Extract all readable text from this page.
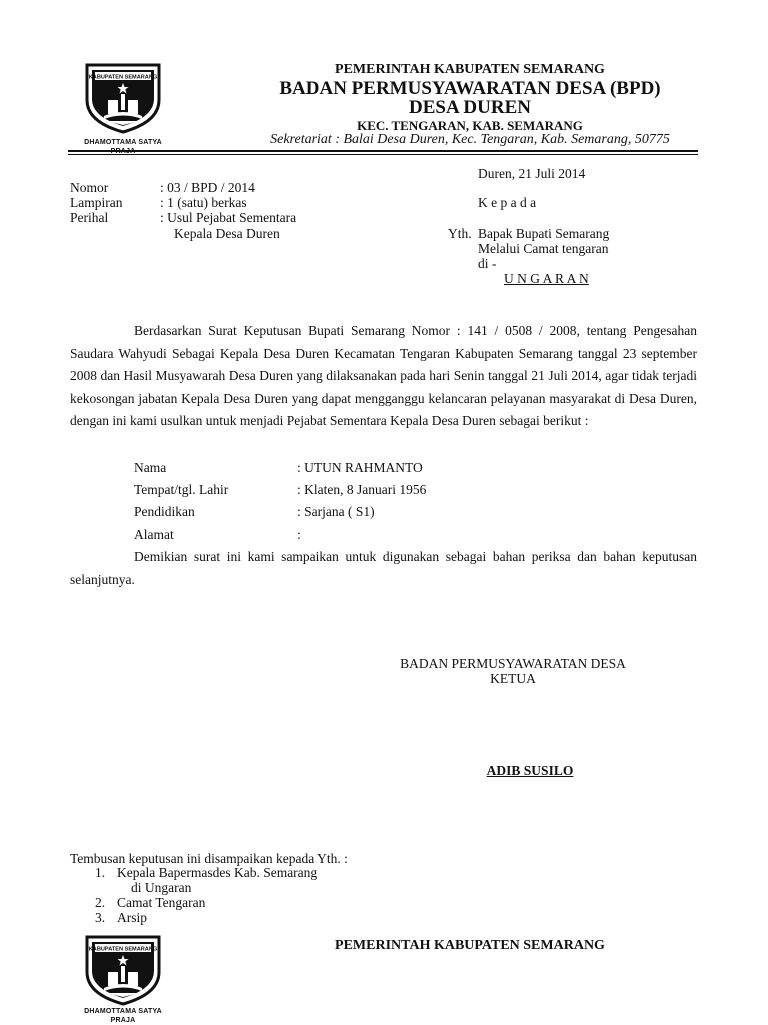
KABUPATEN SEMARANG
DHAMOTTAMA SATYA
PEMERINTAH KABUPATEN SEMARANG
BADAN PERMUSYAWARATAN DESA (BPD)
DESA DUREN
KEC. TENGARAN, KAB. SEMARANG
Sekretariat : Balai Desa Duren, Kec. Tengaran, Kab. Semarang, 50775
Duren, 21 Juli 2014
Nomor	: 03 / BPD / 2014
Lampiran	: 1 (satu) berkas
Perihal	: Usul Pejabat Sementara
Kepala Desa Duren
K e p a d a
Yth. Bapak Bupati Semarang
Melalui Camat tengaran
di -
U N G A R A N
Berdasarkan Surat Keputusan Bupati Semarang Nomor : 141 / 0508 / 2008, tentang Pengesahan Saudara Wahyudi Sebagai Kepala Desa Duren Kecamatan Tengaran Kabupaten Semarang tanggal 23 september 2008 dan Hasil Musyawarah Desa Duren yang dilaksanakan pada hari Senin tanggal 21 Juli 2014, agar tidak terjadi kekosongan jabatan Kepala Desa Duren yang dapat mengganggu kelancaran pelayanan masyarakat di Desa Duren, dengan ini kami usulkan untuk menjadi Pejabat Sementara Kepala Desa Duren sebagai berikut :
Nama	: UTUN RAHMANTO
Tempat/tgl. Lahir	: Klaten, 8 Januari 1956
Pendidikan	: Sarjana ( S1)
Alamat	:
Demikian surat ini kami sampaikan untuk digunakan sebagai bahan periksa dan bahan keputusan selanjutnya.
BADAN PERMUSYAWARATAN DESA
KETUA
ADIB SUSILO
Tembusan keputusan ini disampaikan kepada Yth. :
1. Kepala Bapermasdes Kab. Semarang
di Ungaran
2. Camat Tengaran
3. Arsip
KABUPATEN SEMARANG
DHAMOTTAMA SATYA
PRAJA
PEMERINTAH KABUPATEN SEMARANG
